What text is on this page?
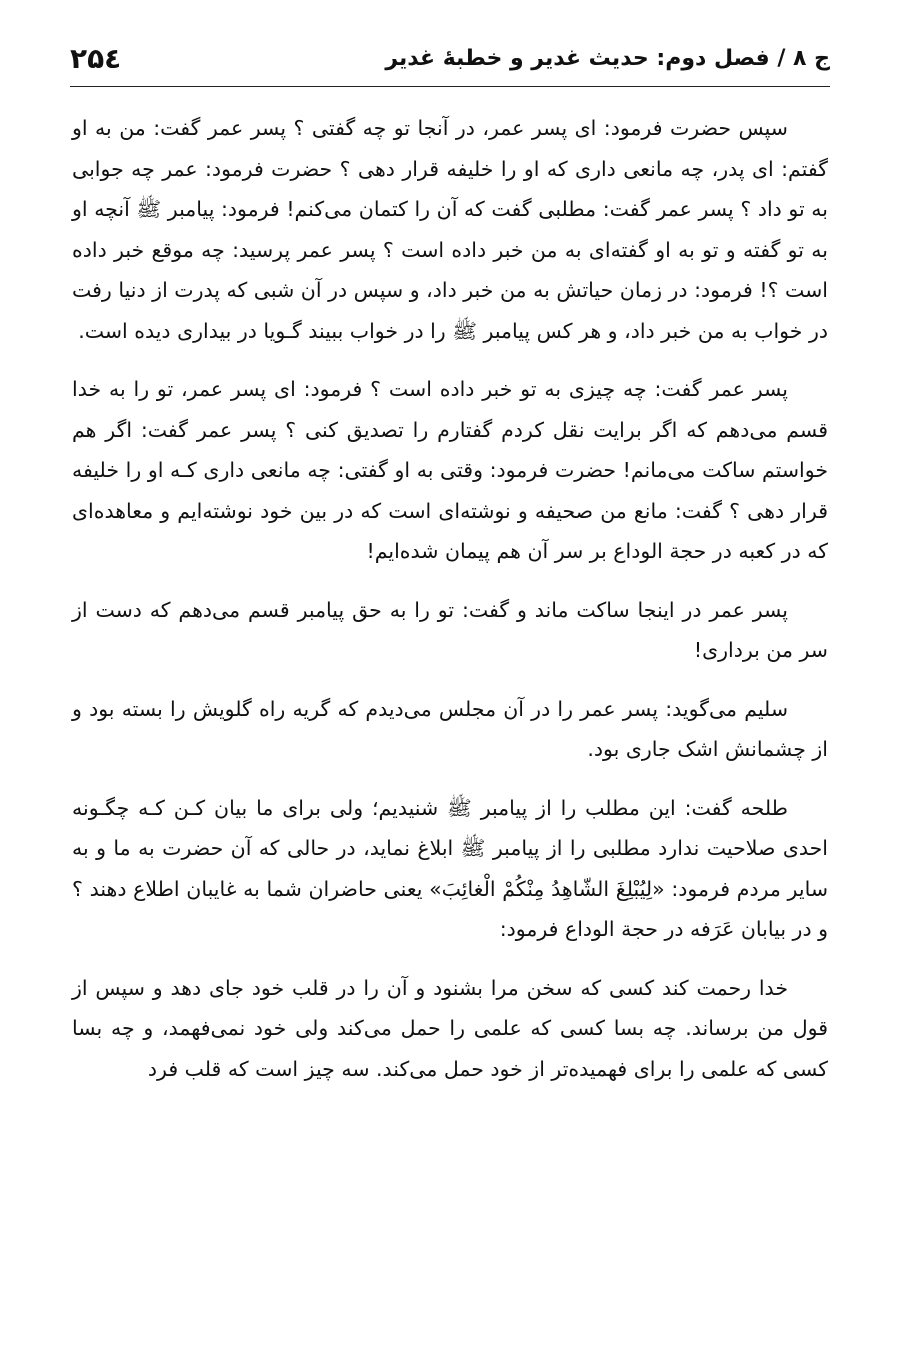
۲۵٤	ج ۸ / فصل دوم: حدیث غدیر و خطبهٔ غدیر

سپس حضرت فرمود: ای پسر عمر، در آنجا تو چه گفتی ؟ پسر عمر گفت: من به او گفتم: ای پدر، چه مانعی داری که او را خلیفه قرار دهی ؟ حضرت فرمود: عمر چه جوابی به تو داد ؟ پسر عمر گفت: مطلبی گفت که آن را کتمان می‌کنم! فرمود: پیامبر ﷺ آنچه او به تو گفته و تو به او گفته‌ای به من خبر داده است ؟ پسر عمر پرسید: چه موقع خبر داده است ؟! فرمود: در زمان حیاتش به من خبر داد، و سپس در آن شبی که پدرت از دنیا رفت در خواب به من خبر داد، و هر کس پیامبر ﷺ را در خواب ببیند گـویا در بیداری دیده است.

پسر عمر گفت: چه چیزی به تو خبر داده است ؟ فرمود: ای پسر عمر، تو را به خدا قسم می‌دهم که اگر برایت نقل کردم گفتارم را تصدیق کنی ؟ پسر عمر گفت: اگر هم خواستم ساکت می‌مانم! حضرت فرمود: وقتی به او گفتی: چه مانعی داری کـه او را خلیفه قرار دهی ؟ گفت: مانع من صحیفه و نوشته‌ای است که در بین خود نوشته‌ایم و معاهده‌ای که در کعبه در حجة الوداع بر سر آن هم پیمان شده‌ایم!

پسر عمر در اینجا ساکت ماند و گفت: تو را به حق پیامبر قسم می‌دهم که دست از سر من برداری!

سلیم می‌گوید: پسر عمر را در آن مجلس می‌دیدم که گریه راه گلویش را بسته بود و از چشمانش اشک جاری بود.

طلحه گفت: این مطلب را از پیامبر ﷺ شنیدیم؛ ولی برای ما بیان کـن کـه چگـونه احدی صلاحیت ندارد مطلبی را از پیامبر ﷺ ابلاغ نماید، در حالی که آن حضرت به ما و به سایر مردم فرمود: «لِيُبْلِغَ الشّاهِدُ مِنْكُمْ الْغائِبَ» یعنی حاضران شما به غایبان اطلاع دهند ؟ و در بیابان عَرَفه در حجة الوداع فرمود:

خدا رحمت کند کسی که سخن مرا بشنود و آن را در قلب خود جای دهد و سپس از قول من برساند. چه بسا کسی که علمی را حمل می‌کند ولی خود نمی‌فهمد، و چه بسا کسی که علمی را برای فهمیده‌تر از خود حمل می‌کند. سه چیز است که قلب فرد
